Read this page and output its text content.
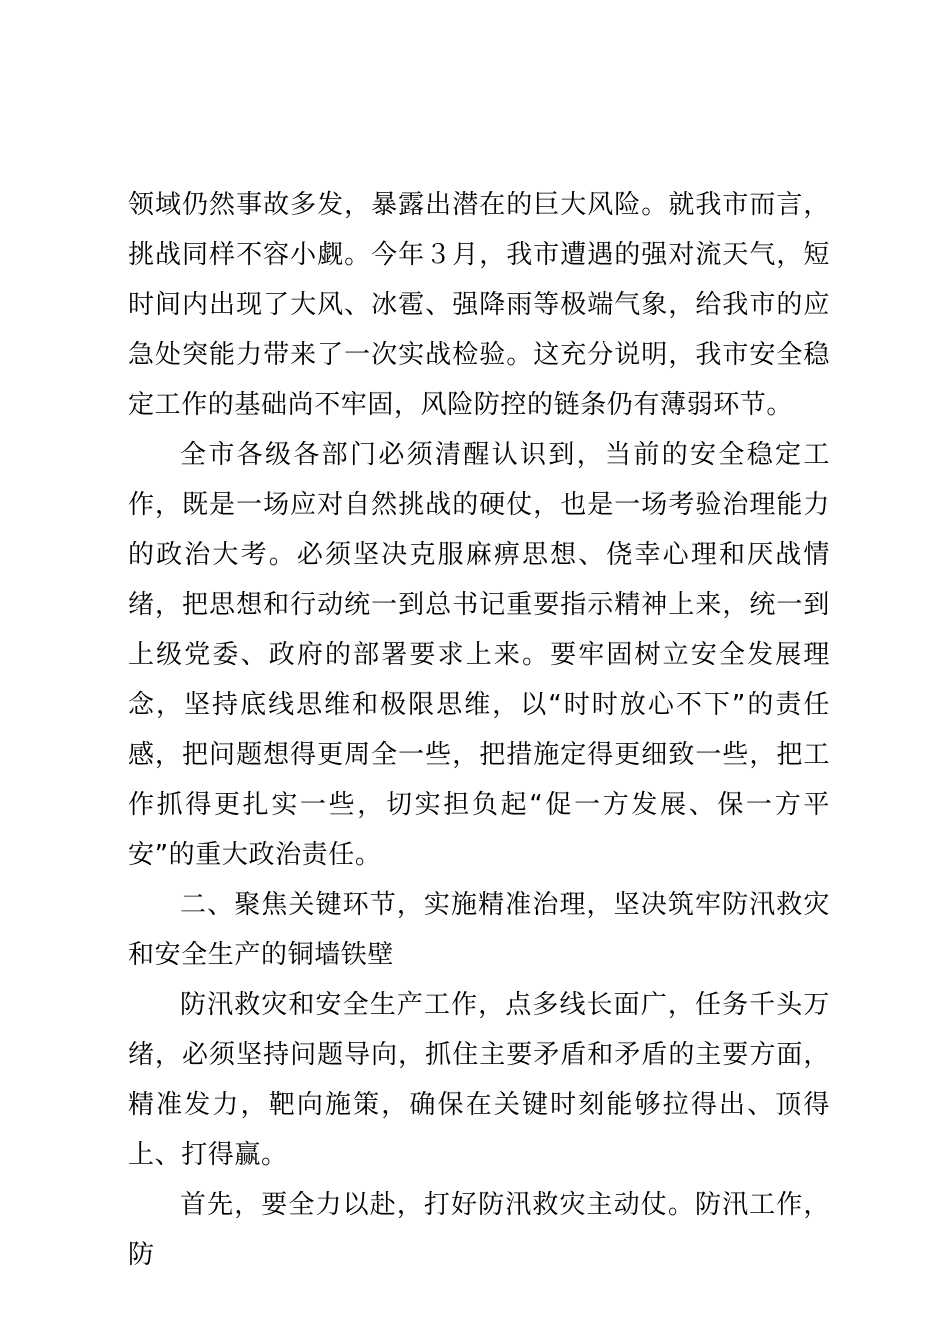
领域仍然事故多发，暴露出潜在的巨大风险。就我市而言，挑战同样不容小觑。今年３月，我市遭遇的强对流天气，短时间内出现了大风、冰雹、强降雨等极端气象，给我市的应急处突能力带来了一次实战检验。这充分说明，我市安全稳定工作的基础尚不牢固，风险防控的链条仍有薄弱环节。

全市各级各部门必须清醒认识到，当前的安全稳定工作，既是一场应对自然挑战的硬仗，也是一场考验治理能力的政治大考。必须坚决克服麻痹思想、侥幸心理和厌战情绪，把思想和行动统一到总书记重要指示精神上来，统一到上级党委、政府的部署要求上来。要牢固树立安全发展理念，坚持底线思维和极限思维，以“时时放心不下”的责任感，把问题想得更周全一些，把措施定得更细致一些，把工作抓得更扎实一些，切实担负起“促一方发展、保一方平安”的重大政治责任。

二、聚焦关键环节，实施精准治理，坚决筑牢防汛救灾和安全生产的铜墙铁壁

防汛救灾和安全生产工作，点多线长面广，任务千头万绪，必须坚持问题导向，抓住主要矛盾和矛盾的主要方面，精准发力，靶向施策，确保在关键时刻能够拉得出、顶得上、打得赢。

首先，要全力以赴，打好防汛救灾主动仗。防汛工作，防
